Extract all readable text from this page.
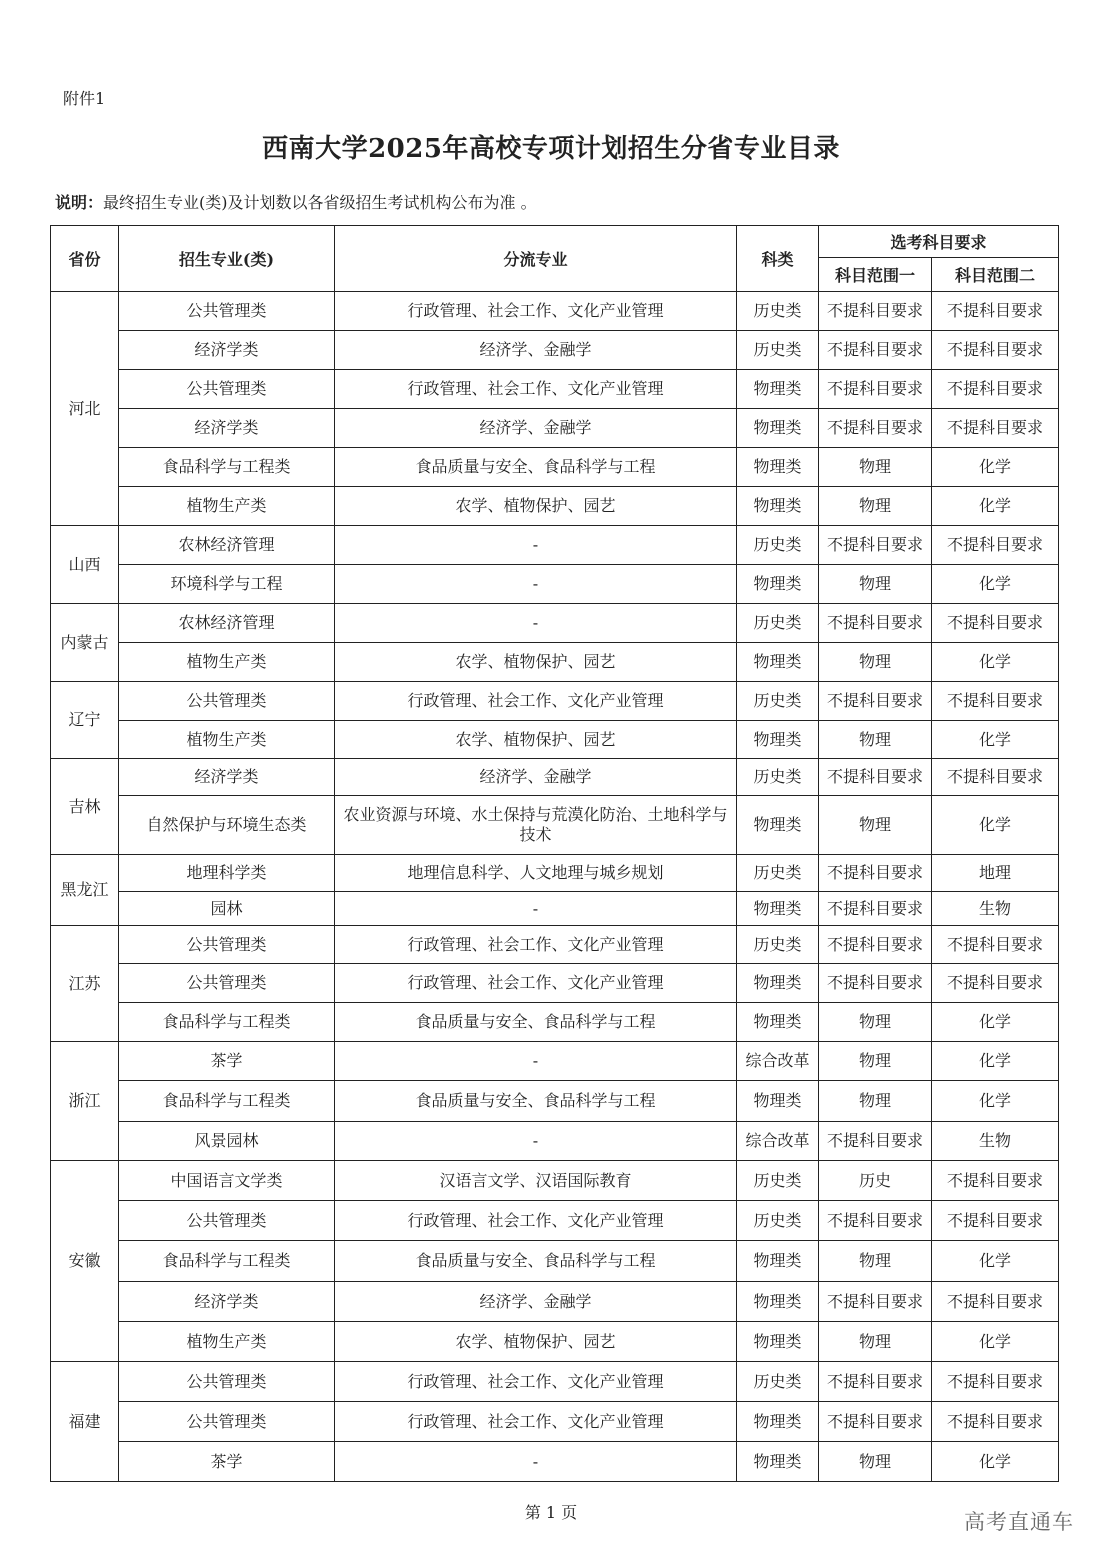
附件1
西南大学2025年高校专项计划招生分省专业目录
说明：最终招生专业(类)及计划数以各省级招生考试机构公布为准 。
省份	招生专业(类)	分流专业	科类	选考科目要求	
				科目范围一	科目范围二
河北	公共管理类	行政管理、社会工作、文化产业管理	历史类	不提科目要求	不提科目要求
	经济学类	经济学、金融学	历史类	不提科目要求	不提科目要求
	公共管理类	行政管理、社会工作、文化产业管理	物理类	不提科目要求	不提科目要求
	经济学类	经济学、金融学	物理类	不提科目要求	不提科目要求
	食品科学与工程类	食品质量与安全、食品科学与工程	物理类	物理	化学
	植物生产类	农学、植物保护、园艺	物理类	物理	化学
山西	农林经济管理	-	历史类	不提科目要求	不提科目要求
	环境科学与工程	-	物理类	物理	化学
内蒙古	农林经济管理	-	历史类	不提科目要求	不提科目要求
	植物生产类	农学、植物保护、园艺	物理类	物理	化学
辽宁	公共管理类	行政管理、社会工作、文化产业管理	历史类	不提科目要求	不提科目要求
	植物生产类	农学、植物保护、园艺	物理类	物理	化学
吉林	经济学类	经济学、金融学	历史类	不提科目要求	不提科目要求
	自然保护与环境生态类	农业资源与环境、水土保持与荒漠化防治、土地科学与技术	物理类	物理	化学
黑龙江	地理科学类	地理信息科学、人文地理与城乡规划	历史类	不提科目要求	地理
	园林	-	物理类	不提科目要求	生物
江苏	公共管理类	行政管理、社会工作、文化产业管理	历史类	不提科目要求	不提科目要求
	公共管理类	行政管理、社会工作、文化产业管理	物理类	不提科目要求	不提科目要求
	食品科学与工程类	食品质量与安全、食品科学与工程	物理类	物理	化学
浙江	茶学	-	综合改革	物理	化学
	食品科学与工程类	食品质量与安全、食品科学与工程	物理类	物理	化学
	风景园林	-	综合改革	不提科目要求	生物
安徽	中国语言文学类	汉语言文学、汉语国际教育	历史类	历史	不提科目要求
	公共管理类	行政管理、社会工作、文化产业管理	历史类	不提科目要求	不提科目要求
	食品科学与工程类	食品质量与安全、食品科学与工程	物理类	物理	化学
	经济学类	经济学、金融学	物理类	不提科目要求	不提科目要求
	植物生产类	农学、植物保护、园艺	物理类	物理	化学
福建	公共管理类	行政管理、社会工作、文化产业管理	历史类	不提科目要求	不提科目要求
	公共管理类	行政管理、社会工作、文化产业管理	物理类	不提科目要求	不提科目要求
	茶学	-	物理类	物理	化学
第 1 页	高考直通车
